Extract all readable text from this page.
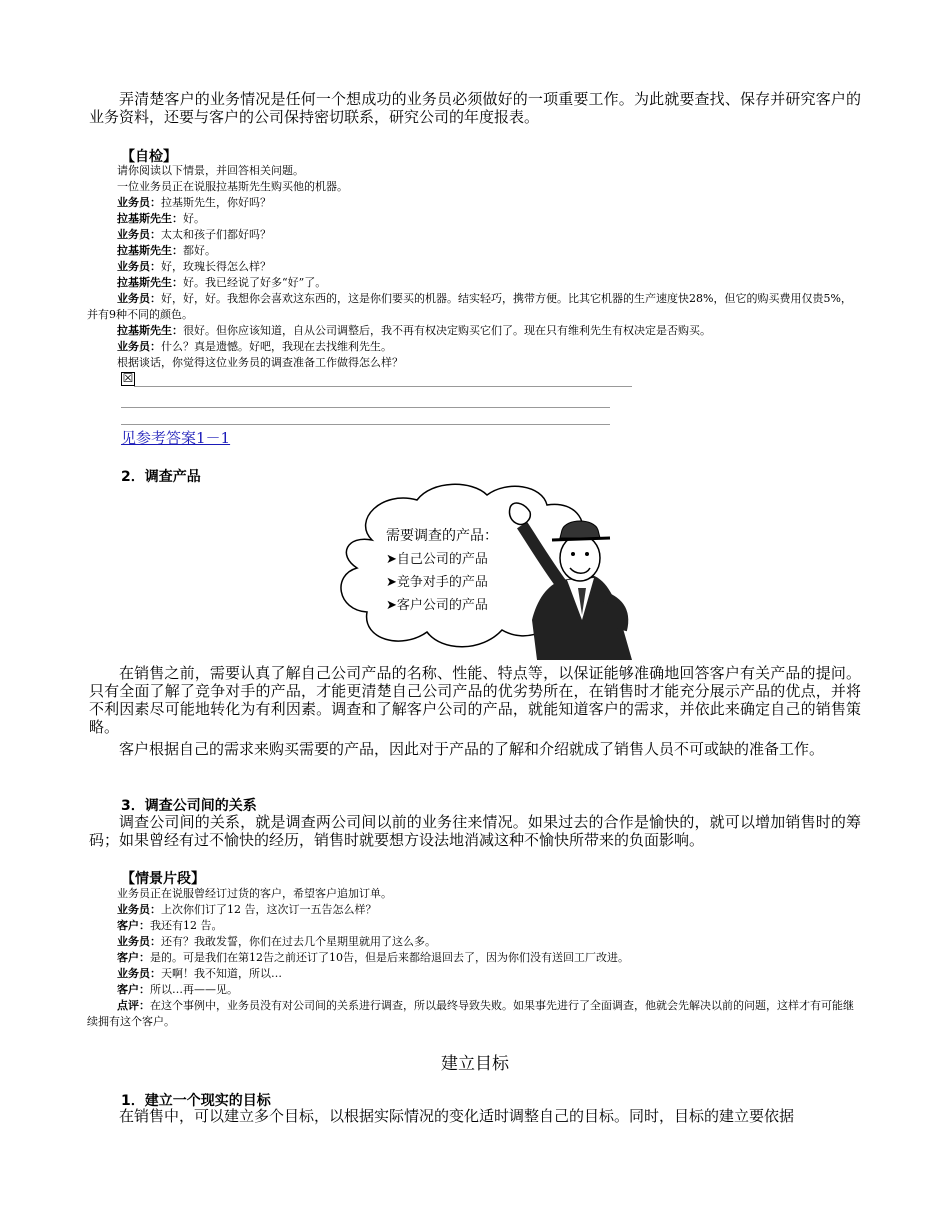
弄清楚客户的业务情况是任何一个想成功的业务员必须做好的一项重要工作。为此就要查找、保存并研究客户的业务资料，还要与客户的公司保持密切联系，研究公司的年度报表。

【自检】
请你阅读以下情景，并回答相关问题。
一位业务员正在说服拉基斯先生购买他的机器。
业务员：拉基斯先生，你好吗？
拉基斯先生：好。
业务员：太太和孩子们都好吗？
拉基斯先生：都好。
业务员：好，玫瑰长得怎么样？
拉基斯先生：好。我已经说了好多“好”了。
业务员：好，好，好。我想你会喜欢这东西的，这是你们要买的机器。结实轻巧，携带方便。比其它机器的生产速度快28%，但它的购买费用仅贵5%，并有9种不同的颜色。
拉基斯先生：很好。但你应该知道，自从公司调整后，我不再有权决定购买它们了。现在只有维利先生有权决定是否购买。
业务员：什么？真是遗憾。好吧，我现在去找维利先生。
根据谈话，你觉得这位业务员的调查准备工作做得怎么样？
☒
见参考答案1－1
2．调查产品
需要调查的产品：
➤自己公司的产品
➤竞争对手的产品
➤客户公司的产品

在销售之前，需要认真了解自己公司产品的名称、性能、特点等，以保证能够准确地回答客户有关产品的提问。只有全面了解了竞争对手的产品，才能更清楚自己公司产品的优劣势所在，在销售时才能充分展示产品的优点，并将不利因素尽可能地转化为有利因素。调查和了解客户公司的产品，就能知道客户的需求，并依此来确定自己的销售策略。

客户根据自己的需求来购买需要的产品，因此对于产品的了解和介绍就成了销售人员不可或缺的准备工作。

3．调查公司间的关系

调查公司间的关系，就是调查两公司间以前的业务往来情况。如果过去的合作是愉快的，就可以增加销售时的筹码；如果曾经有过不愉快的经历，销售时就要想方设法地消减这种不愉快所带来的负面影响。

【情景片段】
业务员正在说服曾经订过货的客户，希望客户追加订单。
业务员：上次你们订了12 告，这次订一五告怎么样？
客户：我还有12 告。
业务员：还有？我敢发誓，你们在过去几个星期里就用了这么多。
客户：是的。可是我们在第12告之前还订了10告，但是后来都给退回去了，因为你们没有送回工厂改进。
业务员：天啊！我不知道，所以…
客户：所以…再——见。
点评：在这个事例中，业务员没有对公司间的关系进行调查，所以最终导致失败。如果事先进行了全面调查，他就会先解决以前的问题，这样才有可能继续拥有这个客户。
建立目标
1．建立一个现实的目标

在销售中，可以建立多个目标，以根据实际情况的变化适时调整自己的目标。同时，目标的建立要依据
